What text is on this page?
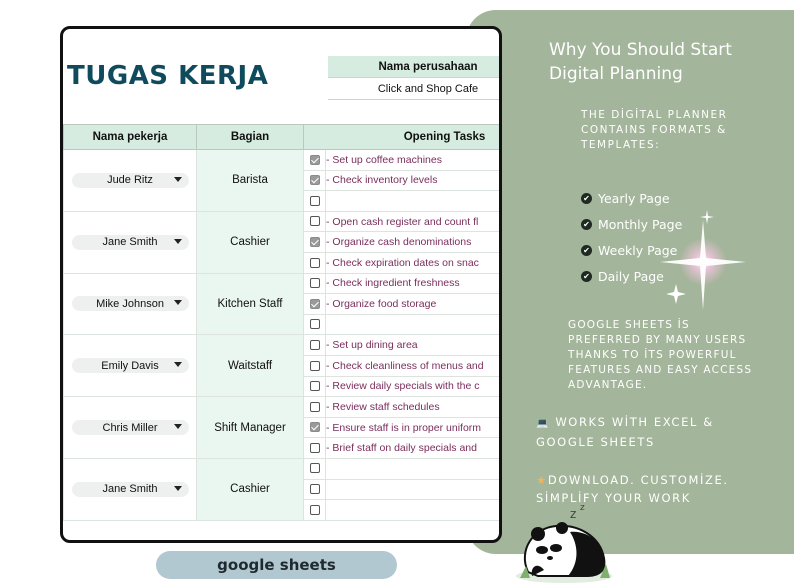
Why You Should Start
Digital Planning
THE DİGİTAL PLANNER CONTAINS FORMATS & TEMPLATES:
✔ Yearly Page
✔ Monthly Page
✔ Weekly Page
✔ Daily Page
GOOGLE SHEETS İS PREFERRED BY MANY USERS THANKS TO İTS POWERFUL FEATURES AND EASY ACCESS ADVANTAGE.
💻 WORKS WİTH EXCEL & GOOGLE SHEETS
★DOWNLOAD. CUSTOMİZE. SİMPLİFY YOUR WORK
z z
TUGAS KERJA	Nama perusahaan
Click and Shop Cafe
Nama pekerja	Bagian	Opening Tasks	

Jude Ritz	Barista		- Set up coffee machines
			- Check inventory levels

Jane Smith	Cashier		- Open cash register and count fl
			- Organize cash denominations
			- Check expiration dates on snac

Mike Johnson	Kitchen Staff		- Check ingredient freshness
			- Organize food storage

Emily Davis	Waitstaff		- Set up dining area
			- Check cleanliness of menus and
			- Review daily specials with the c

Chris Miller	Shift Manager		- Review staff schedules
			- Ensure staff is in proper uniform
			- Brief staff on daily specials and

Jane Smith	Cashier		

google sheets
